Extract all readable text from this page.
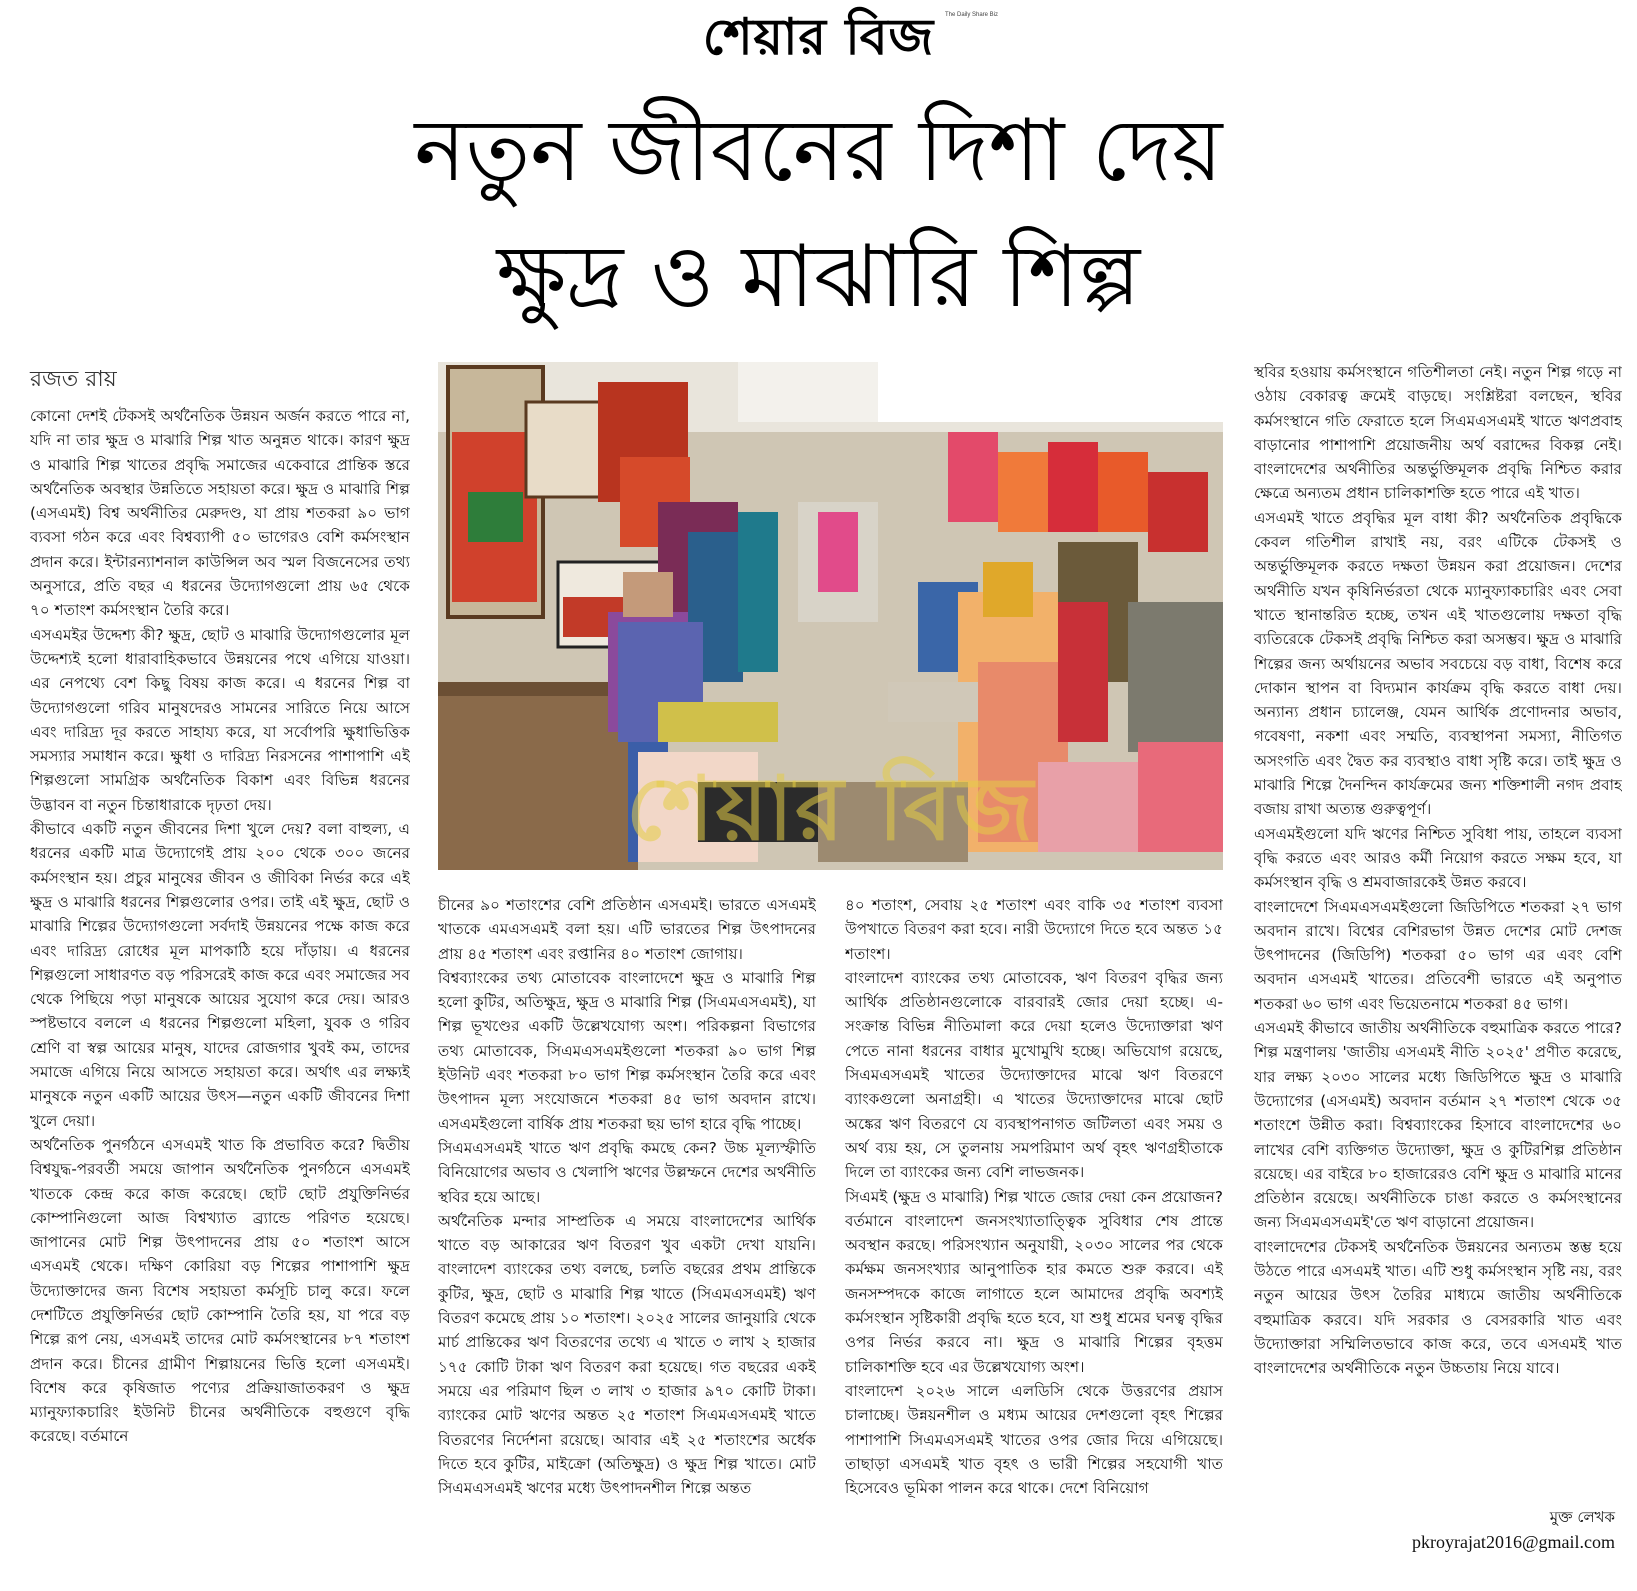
শেয়ার বিজ The Daily Share Biz
নতুন জীবনের দিশা দেয়
ক্ষুদ্র ও মাঝারি শিল্প
রজত রায়
শেয়ার বিজ

কোনো দেশই টেকসই অর্থনৈতিক উন্নয়ন অর্জন করতে পারে না, যদি না তার ক্ষুদ্র ও মাঝারি শিল্প খাত অনুন্নত থাকে। কারণ ক্ষুদ্র ও মাঝারি শিল্প খাতের প্রবৃদ্ধি সমাজের একেবারে প্রান্তিক স্তরে অর্থনৈতিক অবস্থার উন্নতিতে সহায়তা করে। ক্ষুদ্র ও মাঝারি শিল্প (এসএমই) বিশ্ব অর্থনীতির মেরুদণ্ড, যা প্রায় শতকরা ৯০ ভাগ ব্যবসা গঠন করে এবং বিশ্বব্যাপী ৫০ ভাগেরও বেশি কর্মসংস্থান প্রদান করে। ইন্টারন্যাশনাল কাউন্সিল অব স্মল বিজনেসের তথ্য অনুসারে, প্রতি বছর এ ধরনের উদ্যোগগুলো প্রায় ৬৫ থেকে ৭০ শতাংশ কর্মসংস্থান তৈরি করে।

এসএমইর উদ্দেশ্য কী? ক্ষুদ্র, ছোট ও মাঝারি উদ্যোগগুলোর মূল উদ্দেশ্যই হলো ধারাবাহিকভাবে উন্নয়নের পথে এগিয়ে যাওয়া। এর নেপথ্যে বেশ কিছু বিষয় কাজ করে। এ ধরনের শিল্প বা উদ্যোগগুলো গরিব মানুষদেরও সামনের সারিতে নিয়ে আসে এবং দারিদ্র্য দূর করতে সাহায্য করে, যা সর্বোপরি ক্ষুধাভিত্তিক সমস্যার সমাধান করে। ক্ষুধা ও দারিদ্র্য নিরসনের পাশাপাশি এই শিল্পগুলো সামগ্রিক অর্থনৈতিক বিকাশ এবং বিভিন্ন ধরনের উদ্ভাবন বা নতুন চিন্তাধারাকে দৃঢ়তা দেয়।

কীভাবে একটি নতুন জীবনের দিশা খুলে দেয়? বলা বাহুল্য, এ ধরনের একটি মাত্র উদ্যোগেই প্রায় ২০০ থেকে ৩০০ জনের কর্মসংস্থান হয়। প্রচুর মানুষের জীবন ও জীবিকা নির্ভর করে এই ক্ষুদ্র ও মাঝারি ধরনের শিল্পগুলোর ওপর। তাই এই ক্ষুদ্র, ছোট ও মাঝারি শিল্পের উদ্যোগগুলো সর্বদাই উন্নয়নের পক্ষে কাজ করে এবং দারিদ্র্য রোধের মূল মাপকাঠি হয়ে দাঁড়ায়। এ ধরনের শিল্পগুলো সাধারণত বড় পরিসরেই কাজ করে এবং সমাজের সব থেকে পিছিয়ে পড়া মানুষকে আয়ের সুযোগ করে দেয়। আরও স্পষ্টভাবে বললে এ ধরনের শিল্পগুলো মহিলা, যুবক ও গরিব শ্রেণি বা স্বল্প আয়ের মানুষ, যাদের রোজগার খুবই কম, তাদের সমাজে এগিয়ে নিয়ে আসতে সহায়তা করে। অর্থাৎ এর লক্ষ্যই মানুষকে নতুন একটি আয়ের উৎস—নতুন একটি জীবনের দিশা খুলে দেয়া।

অর্থনৈতিক পুনর্গঠনে এসএমই খাত কি প্রভাবিত করে? দ্বিতীয় বিশ্বযুদ্ধ-পরবর্তী সময়ে জাপান অর্থনৈতিক পুনর্গঠনে এসএমই খাতকে কেন্দ্র করে কাজ করেছে। ছোট ছোট প্রযুক্তিনির্ভর কোম্পানিগুলো আজ বিশ্বখ্যাত ব্র্যান্ডে পরিণত হয়েছে। জাপানের মোট শিল্প উৎপাদনের প্রায় ৫০ শতাংশ আসে এসএমই থেকে। দক্ষিণ কোরিয়া বড় শিল্পের পাশাপাশি ক্ষুদ্র উদ্যোক্তাদের জন্য বিশেষ সহায়তা কর্মসূচি চালু করে। ফলে দেশটিতে প্রযুক্তিনির্ভর ছোট কোম্পানি তৈরি হয়, যা পরে বড় শিল্পে রূপ নেয়, এসএমই তাদের মোট কর্মসংস্থানের ৮৭ শতাংশ প্রদান করে। চীনের গ্রামীণ শিল্পায়নের ভিত্তি হলো এসএমই। বিশেষ করে কৃষিজাত পণ্যের প্রক্রিয়াজাতকরণ ও ক্ষুদ্র ম্যানুফ্যাকচারিং ইউনিট চীনের অর্থনীতিকে বহুগুণে বৃদ্ধি করেছে। বর্তমানে

চীনের ৯০ শতাংশের বেশি প্রতিষ্ঠান এসএমই। ভারতে এসএমই খাতকে এমএসএমই বলা হয়। এটি ভারতের শিল্প উৎপাদনের প্রায় ৪৫ শতাংশ এবং রপ্তানির ৪০ শতাংশ জোগায়।

বিশ্বব্যাংকের তথ্য মোতাবেক বাংলাদেশে ক্ষুদ্র ও মাঝারি শিল্প হলো কুটির, অতিক্ষুদ্র, ক্ষুদ্র ও মাঝারি শিল্প (সিএমএসএমই), যা শিল্প ভূখণ্ডের একটি উল্লেখযোগ্য অংশ। পরিকল্পনা বিভাগের তথ্য মোতাবেক, সিএমএসএমইগুলো শতকরা ৯০ ভাগ শিল্প ইউনিট এবং শতকরা ৮০ ভাগ শিল্প কর্মসংস্থান তৈরি করে এবং উৎপাদন মূল্য সংযোজনে শতকরা ৪৫ ভাগ অবদান রাখে। এসএমইগুলো বার্ষিক প্রায় শতকরা ছয় ভাগ হারে বৃদ্ধি পাচ্ছে।

সিএমএসএমই খাতে ঋণ প্রবৃদ্ধি কমছে কেন? উচ্চ মূল্যস্ফীতি বিনিয়োগের অভাব ও খেলাপি ঋণের উল্লম্ফনে দেশের অর্থনীতি স্থবির হয়ে আছে।

অর্থনৈতিক মন্দার সাম্প্রতিক এ সময়ে বাংলাদেশের আর্থিক খাতে বড় আকারের ঋণ বিতরণ খুব একটা দেখা যায়নি। বাংলাদেশ ব্যাংকের তথ্য বলছে, চলতি বছরের প্রথম প্রান্তিকে কুটির, ক্ষুদ্র, ছোট ও মাঝারি শিল্প খাতে (সিএমএসএমই) ঋণ বিতরণ কমেছে প্রায় ১০ শতাংশ। ২০২৫ সালের জানুয়ারি থেকে মার্চ প্রান্তিকের ঋণ বিতরণের তথ্যে এ খাতে ৩ লাখ ২ হাজার ১৭৫ কোটি টাকা ঋণ বিতরণ করা হয়েছে। গত বছরের একই সময়ে এর পরিমাণ ছিল ৩ লাখ ৩ হাজার ৯৭০ কোটি টাকা। ব্যাংকের মোট ঋণের অন্তত ২৫ শতাংশ সিএমএসএমই খাতে বিতরণের নির্দেশনা রয়েছে। আবার এই ২৫ শতাংশের অর্ধেক দিতে হবে কুটির, মাইক্রো (অতিক্ষুদ্র) ও ক্ষুদ্র শিল্প খাতে। মোট সিএমএসএমই ঋণের মধ্যে উৎপাদনশীল শিল্পে অন্তত

৪০ শতাংশ, সেবায় ২৫ শতাংশ এবং বাকি ৩৫ শতাংশ ব্যবসা উপখাতে বিতরণ করা হবে। নারী উদ্যোগে দিতে হবে অন্তত ১৫ শতাংশ।

বাংলাদেশ ব্যাংকের তথ্য মোতাবেক, ঋণ বিতরণ বৃদ্ধির জন্য আর্থিক প্রতিষ্ঠানগুলোকে বারবারই জোর দেয়া হচ্ছে। এ-সংক্রান্ত বিভিন্ন নীতিমালা করে দেয়া হলেও উদ্যোক্তারা ঋণ পেতে নানা ধরনের বাধার মুখোমুখি হচ্ছে। অভিযোগ রয়েছে, সিএমএসএমই খাতের উদ্যোক্তাদের মাঝে ঋণ বিতরণে ব্যাংকগুলো অনাগ্রহী। এ খাতের উদ্যোক্তাদের মাঝে ছোট অঙ্কের ঋণ বিতরণে যে ব্যবস্থাপনাগত জটিলতা এবং সময় ও অর্থ ব্যয় হয়, সে তুলনায় সমপরিমাণ অর্থ বৃহৎ ঋণগ্রহীতাকে দিলে তা ব্যাংকের জন্য বেশি লাভজনক।

সিএমই (ক্ষুদ্র ও মাঝারি) শিল্প খাতে জোর দেয়া কেন প্রয়োজন? বর্তমানে বাংলাদেশ জনসংখ্যাতাত্ত্বিক সুবিধার শেষ প্রান্তে অবস্থান করছে। পরিসংখ্যান অনুযায়ী, ২০৩০ সালের পর থেকে কর্মক্ষম জনসংখ্যার আনুপাতিক হার কমতে শুরু করবে। এই জনসম্পদকে কাজে লাগাতে হলে আমাদের প্রবৃদ্ধি অবশ্যই কর্মসংস্থান সৃষ্টিকারী প্রবৃদ্ধি হতে হবে, যা শুধু শ্রমের ঘনত্ব বৃদ্ধির ওপর নির্ভর করবে না। ক্ষুদ্র ও মাঝারি শিল্পের বৃহত্তম চালিকাশক্তি হবে এর উল্লেখযোগ্য অংশ।

বাংলাদেশ ২০২৬ সালে এলডিসি থেকে উত্তরণের প্রয়াস চালাচ্ছে। উন্নয়নশীল ও মধ্যম আয়ের দেশগুলো বৃহৎ শিল্পের পাশাপাশি সিএমএসএমই খাতের ওপর জোর দিয়ে এগিয়েছে। তাছাড়া এসএমই খাত বৃহৎ ও ভারী শিল্পের সহযোগী খাত হিসেবেও ভূমিকা পালন করে থাকে। দেশে বিনিয়োগ

স্থবির হওয়ায় কর্মসংস্থানে গতিশীলতা নেই। নতুন শিল্প গড়ে না ওঠায় বেকারত্ব ক্রমেই বাড়ছে। সংশ্লিষ্টরা বলছেন, স্থবির কর্মসংস্থানে গতি ফেরাতে হলে সিএমএসএমই খাতে ঋণপ্রবাহ বাড়ানোর পাশাপাশি প্রয়োজনীয় অর্থ বরাদ্দের বিকল্প নেই। বাংলাদেশের অর্থনীতির অন্তর্ভুক্তিমূলক প্রবৃদ্ধি নিশ্চিত করার ক্ষেত্রে অন্যতম প্রধান চালিকাশক্তি হতে পারে এই খাত।

এসএমই খাতে প্রবৃদ্ধির মূল বাধা কী? অর্থনৈতিক প্রবৃদ্ধিকে কেবল গতিশীল রাখাই নয়, বরং এটিকে টেকসই ও অন্তর্ভুক্তিমূলক করতে দক্ষতা উন্নয়ন করা প্রয়োজন। দেশের অর্থনীতি যখন কৃষিনির্ভরতা থেকে ম্যানুফ্যাকচারিং এবং সেবা খাতে স্থানান্তরিত হচ্ছে, তখন এই খাতগুলোয় দক্ষতা বৃদ্ধি ব্যতিরেকে টেকসই প্রবৃদ্ধি নিশ্চিত করা অসম্ভব। ক্ষুদ্র ও মাঝারি শিল্পের জন্য অর্থায়নের অভাব সবচেয়ে বড় বাধা, বিশেষ করে দোকান স্থাপন বা বিদ্যমান কার্যক্রম বৃদ্ধি করতে বাধা দেয়। অন্যান্য প্রধান চ্যালেঞ্জ, যেমন আর্থিক প্রণোদনার অভাব, গবেষণা, নকশা এবং সম্মতি, ব্যবস্থাপনা সমস্যা, নীতিগত অসংগতি এবং দ্বৈত কর ব্যবস্থাও বাধা সৃষ্টি করে। তাই ক্ষুদ্র ও মাঝারি শিল্পে দৈনন্দিন কার্যক্রমের জন্য শক্তিশালী নগদ প্রবাহ বজায় রাখা অত্যন্ত গুরুত্বপূর্ণ।

এসএমইগুলো যদি ঋণের নিশ্চিত সুবিধা পায়, তাহলে ব্যবসা বৃদ্ধি করতে এবং আরও কর্মী নিয়োগ করতে সক্ষম হবে, যা কর্মসংস্থান বৃদ্ধি ও শ্রমবাজারকেই উন্নত করবে।

বাংলাদেশে সিএমএসএমইগুলো জিডিপিতে শতকরা ২৭ ভাগ অবদান রাখে। বিশ্বের বেশিরভাগ উন্নত দেশের মোট দেশজ উৎপাদনের (জিডিপি) শতকরা ৫০ ভাগ এর এবং বেশি অবদান এসএমই খাতের। প্রতিবেশী ভারতে এই অনুপাত শতকরা ৬০ ভাগ এবং ভিয়েতনামে শতকরা ৪৫ ভাগ।

এসএমই কীভাবে জাতীয় অর্থনীতিকে বহুমাত্রিক করতে পারে? শিল্প মন্ত্রণালয় 'জাতীয় এসএমই নীতি ২০২৫' প্রণীত করেছে, যার লক্ষ্য ২০৩০ সালের মধ্যে জিডিপিতে ক্ষুদ্র ও মাঝারি উদ্যোগের (এসএমই) অবদান বর্তমান ২৭ শতাংশ থেকে ৩৫ শতাংশে উন্নীত করা। বিশ্বব্যাংকের হিসাবে বাংলাদেশের ৬০ লাখের বেশি ব্যক্তিগত উদ্যোক্তা, ক্ষুদ্র ও কুটিরশিল্প প্রতিষ্ঠান রয়েছে। এর বাইরে ৮০ হাজারেরও বেশি ক্ষুদ্র ও মাঝারি মানের প্রতিষ্ঠান রয়েছে। অর্থনীতিকে চাঙা করতে ও কর্মসংস্থানের জন্য সিএমএসএমই'তে ঋণ বাড়ানো প্রয়োজন।

বাংলাদেশের টেকসই অর্থনৈতিক উন্নয়নের অন্যতম স্তম্ভ হয়ে উঠতে পারে এসএমই খাত। এটি শুধু কর্মসংস্থান সৃষ্টি নয়, বরং নতুন আয়ের উৎস তৈরির মাধ্যমে জাতীয় অর্থনীতিকে বহুমাত্রিক করবে। যদি সরকার ও বেসরকারি খাত এবং উদ্যোক্তারা সম্মিলিতভাবে কাজ করে, তবে এসএমই খাত বাংলাদেশের অর্থনীতিকে নতুন উচ্চতায় নিয়ে যাবে।

মুক্ত লেখক
pkroyrajat2016@gmail.com
